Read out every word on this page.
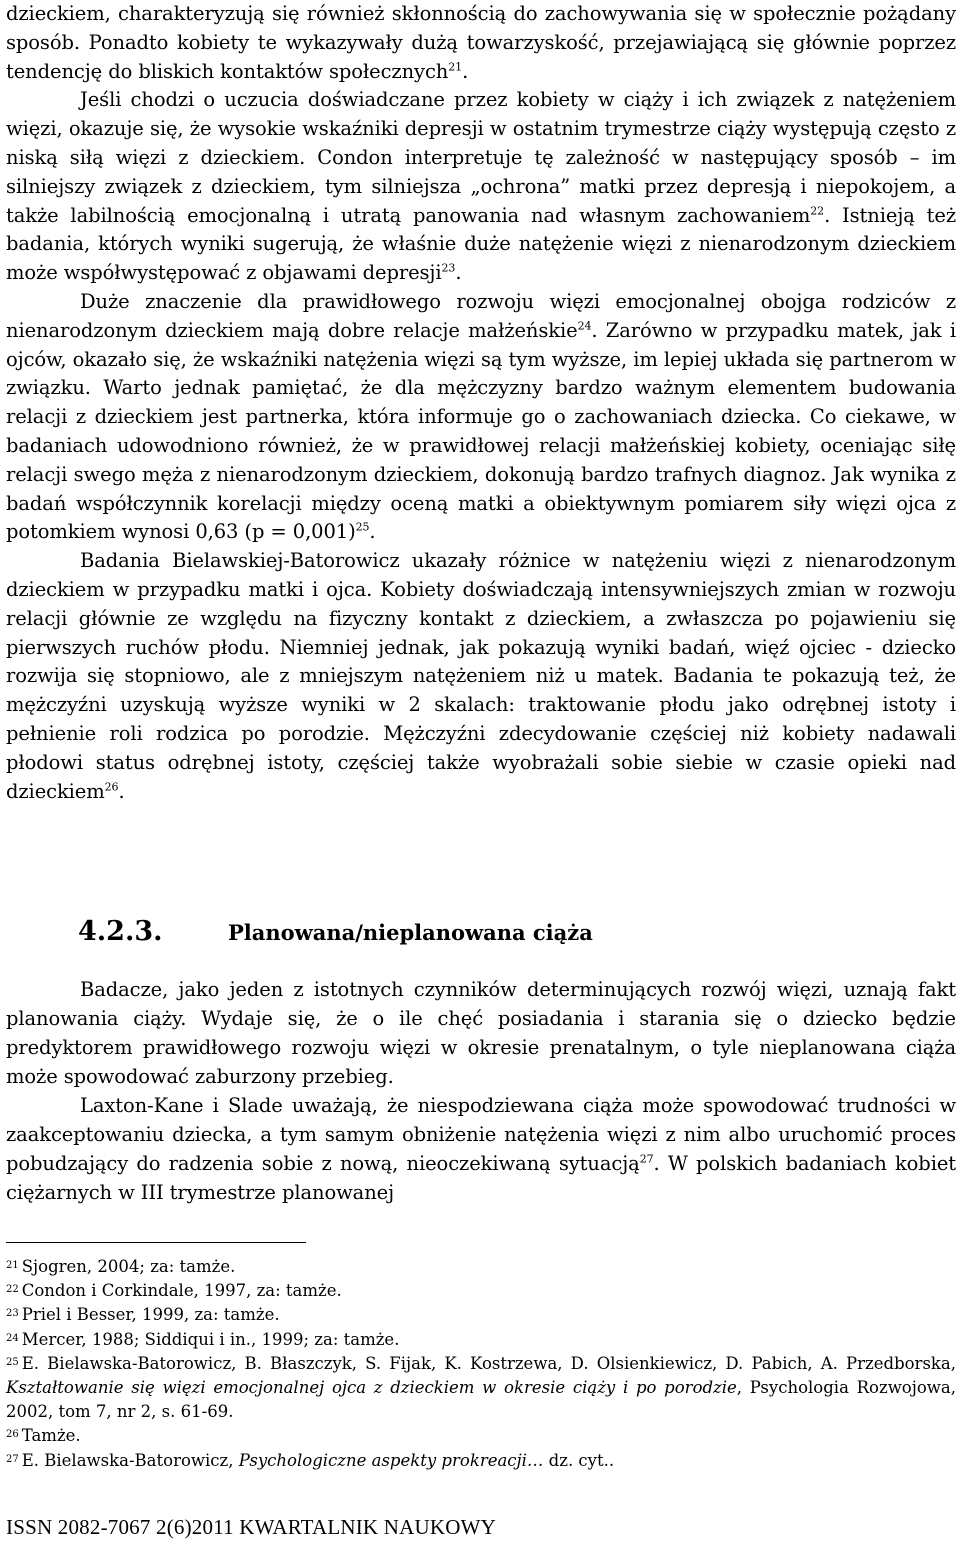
dzieckiem, charakteryzują się również skłonnością do zachowywania się w społecznie pożądany sposób. Ponadto kobiety te wykazywały dużą towarzyskość, przejawiającą się głównie poprzez tendencję do bliskich kontaktów społecznych$^{21}$.

Jeśli chodzi o uczucia doświadczane przez kobiety w ciąży i ich związek z natężeniem więzi, okazuje się, że wysokie wskaźniki depresji w ostatnim trymestrze ciąży występują często z niską siłą więzi z dzieckiem. Condon interpretuje tę zależność w następujący sposób – im silniejszy związek z dzieckiem, tym silniejsza „ochrona” matki przez depresją i niepokojem, a także labilnością emocjonalną i utratą panowania nad własnym zachowaniem$^{22}$. Istnieją też badania, których wyniki sugerują, że właśnie duże natężenie więzi z nienarodzonym dzieckiem może współwystępować z objawami depresji$^{23}$.

Duże znaczenie dla prawidłowego rozwoju więzi emocjonalnej obojga rodziców z nienarodzonym dzieckiem mają dobre relacje małżeńskie$^{24}$. Zarówno w przypadku matek, jak i ojców, okazało się, że wskaźniki natężenia więzi są tym wyższe, im lepiej układa się partnerom w związku. Warto jednak pamiętać, że dla mężczyzny bardzo ważnym elementem budowania relacji z dzieckiem jest partnerka, która informuje go o zachowaniach dziecka. Co ciekawe, w badaniach udowodniono również, że w prawidłowej relacji małżeńskiej kobiety, oceniając siłę relacji swego męża z nienarodzonym dzieckiem, dokonują bardzo trafnych diagnoz. Jak wynika z badań współczynnik korelacji między oceną matki a obiektywnym pomiarem siły więzi ojca z potomkiem wynosi 0,63 (p = 0,001)$^{25}$.

Badania Bielawskiej-Batorowicz ukazały różnice w natężeniu więzi z nienarodzonym dzieckiem w przypadku matki i ojca. Kobiety doświadczają intensywniejszych zmian w rozwoju relacji głównie ze względu na fizyczny kontakt z dzieckiem, a zwłaszcza po pojawieniu się pierwszych ruchów płodu. Niemniej jednak, jak pokazują wyniki badań, więź ojciec - dziecko rozwija się stopniowo, ale z mniejszym natężeniem niż u matek. Badania te pokazują też, że mężczyźni uzyskują wyższe wyniki w 2 skalach: traktowanie płodu jako odrębnej istoty i pełnienie roli rodzica po porodzie. Mężczyźni zdecydowanie częściej niż kobiety nadawali płodowi status odrębnej istoty, częściej także wyobrażali sobie siebie w czasie opieki nad dzieckiem$^{26}$.

4.2.3.	Planowana/nieplanowana ciąża

Badacze, jako jeden z istotnych czynników determinujących rozwój więzi, uznają fakt planowania ciąży. Wydaje się, że o ile chęć posiadania i starania się o dziecko będzie predyktorem prawidłowego rozwoju więzi w okresie prenatalnym, o tyle nieplanowana ciąża może spowodować zaburzony przebieg.

Laxton-Kane i Slade uważają, że niespodziewana ciąża może spowodować trudności w zaakceptowaniu dziecka, a tym samym obniżenie natężenia więzi z nim albo uruchomić proces pobudzający do radzenia sobie z nową, nieoczekiwaną sytuacją$^{27}$. W polskich badaniach kobiet ciężarnych w III trymestrze planowanej

$^{21}$ Sjogren, 2004; za: tamże.

$^{22}$ Condon i Corkindale, 1997, za: tamże.

$^{23}$ Priel i Besser, 1999, za: tamże.

$^{24}$ Mercer, 1988; Siddiqui i in., 1999; za: tamże.

$^{25}$ E. Bielawska-Batorowicz, B. Błaszczyk, S. Fijak, K. Kostrzewa, D. Olsienkiewicz, D. Pabich, A. Przedborska, Kształtowanie się więzi emocjonalnej ojca z dzieckiem w okresie ciąży i po porodzie, Psychologia Rozwojowa, 2002, tom 7, nr 2, s. 61-69.

$^{26}$ Tamże.

$^{27}$ E. Bielawska-Batorowicz, Psychologiczne aspekty prokreacji… dz. cyt..

ISSN 2082-7067 2(6)2011 KWARTALNIK NAUKOWY
